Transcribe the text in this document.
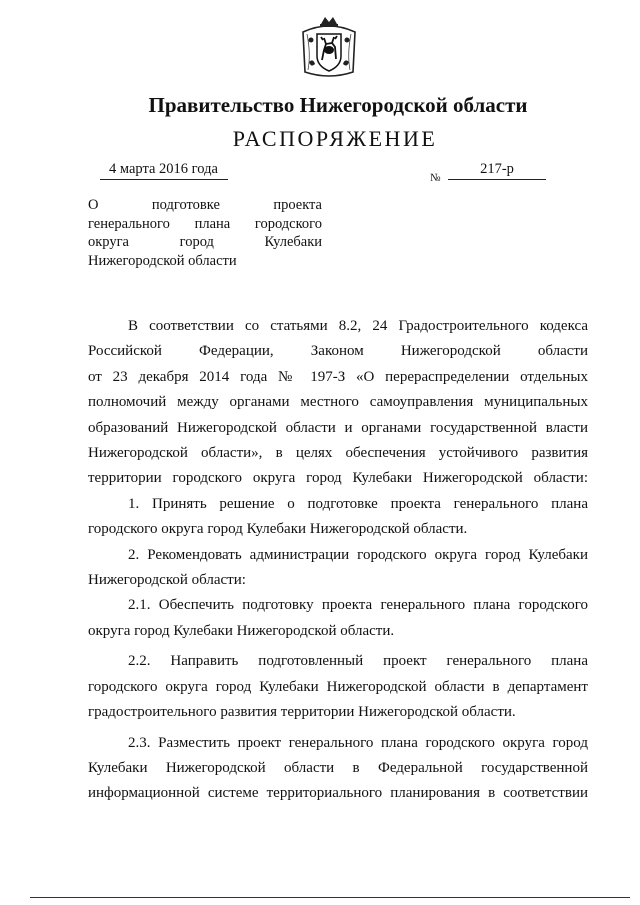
Правительство Нижегородской области
РАСПОРЯЖЕНИЕ
4 марта 2016 года
№
217-р
О подготовке проекта
генерального плана городского
округа город Кулебаки
Нижегородской области
В соответствии со статьями 8.2, 24 Градостроительного кодекса
Российской Федерации, Законом Нижегородской области
от 23 декабря 2014 года № 197-З «О перераспределении отдельных
полномочий между органами местного самоуправления муниципальных
образований Нижегородской области и органами государственной власти
Нижегородской области», в целях обеспечения устойчивого развития
территории городского округа город Кулебаки Нижегородской области:
1. Принять решение о подготовке проекта генерального плана
городского округа город Кулебаки Нижегородской области.
2. Рекомендовать администрации городского округа город Кулебаки
Нижегородской области:
2.1. Обеспечить подготовку проекта генерального плана городского
округа город Кулебаки Нижегородской области.
2.2. Направить подготовленный проект генерального плана
городского округа город Кулебаки Нижегородской области в департамент
градостроительного развития территории Нижегородской области.
2.3. Разместить проект генерального плана городского округа город
Кулебаки Нижегородской области в Федеральной государственной
информационной системе территориального планирования в соответствии
